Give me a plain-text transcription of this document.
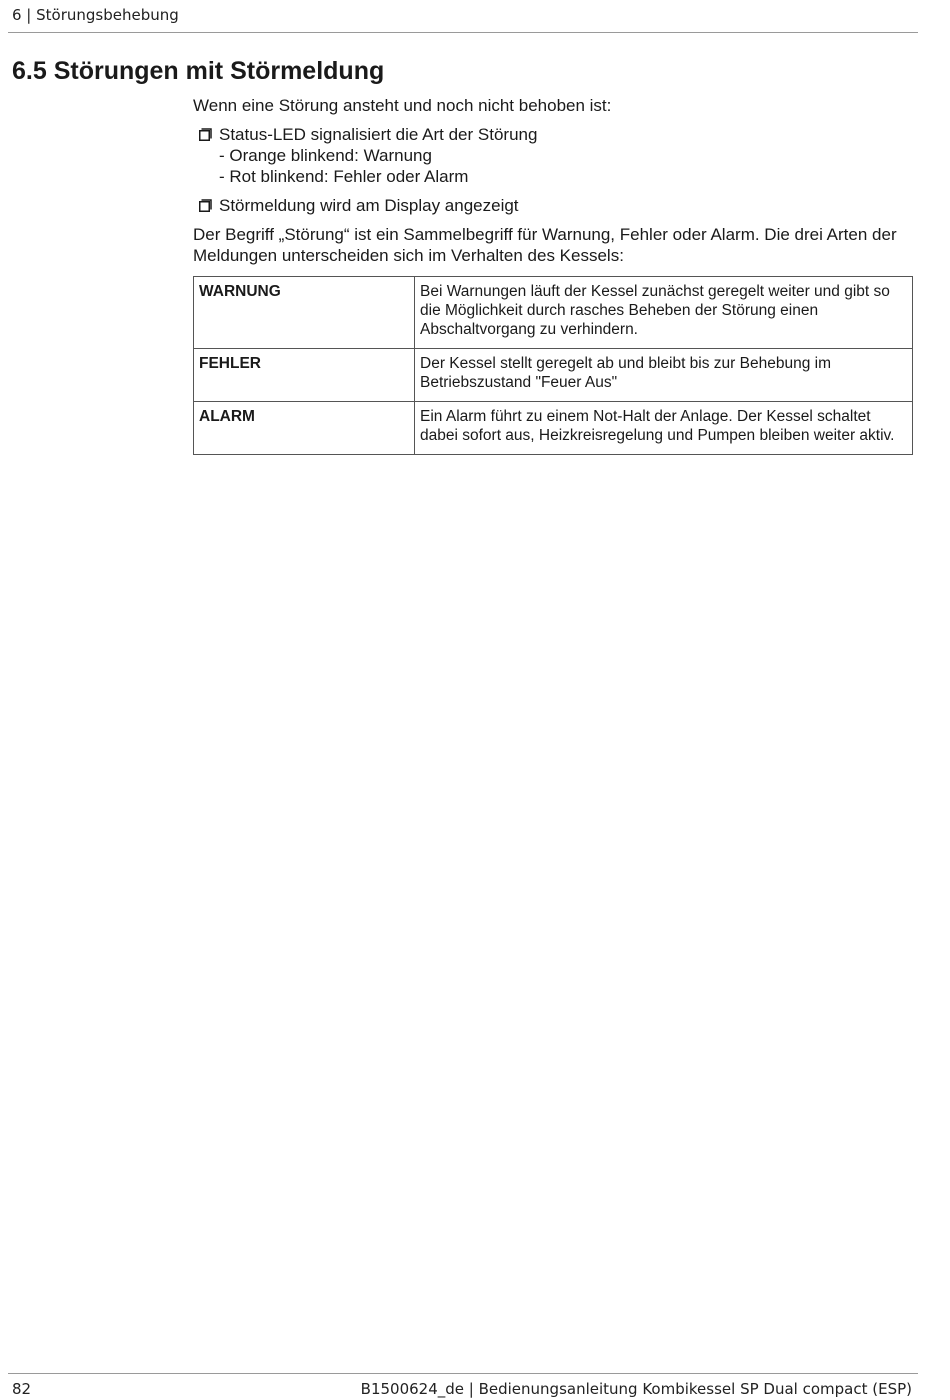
6 | Störungsbehebung
6.5 Störungen mit Störmeldung

Wenn eine Störung ansteht und noch nicht behoben ist:

Status-LED signalisiert die Art der Störung
- Orange blinkend: Warnung
- Rot blinkend: Fehler oder Alarm
Störmeldung wird am Display angezeigt

Der Begriff „Störung“ ist ein Sammelbegriff für Warnung, Fehler oder Alarm. Die drei Arten der Meldungen unterscheiden sich im Verhalten des Kessels:

WARNUNG	Bei Warnungen läuft der Kessel zunächst geregelt weiter und gibt so die Möglichkeit durch rasches Beheben der Störung einen Abschaltvorgang zu verhindern.
FEHLER	Der Kessel stellt geregelt ab und bleibt bis zur Behebung im Betriebszustand "Feuer Aus"
ALARM	Ein Alarm führt zu einem Not-Halt der Anlage. Der Kessel schaltet dabei sofort aus, Heizkreisregelung und Pumpen bleiben weiter aktiv.
82	B1500624_de | Bedienungsanleitung Kombikessel SP Dual compact (ESP)
